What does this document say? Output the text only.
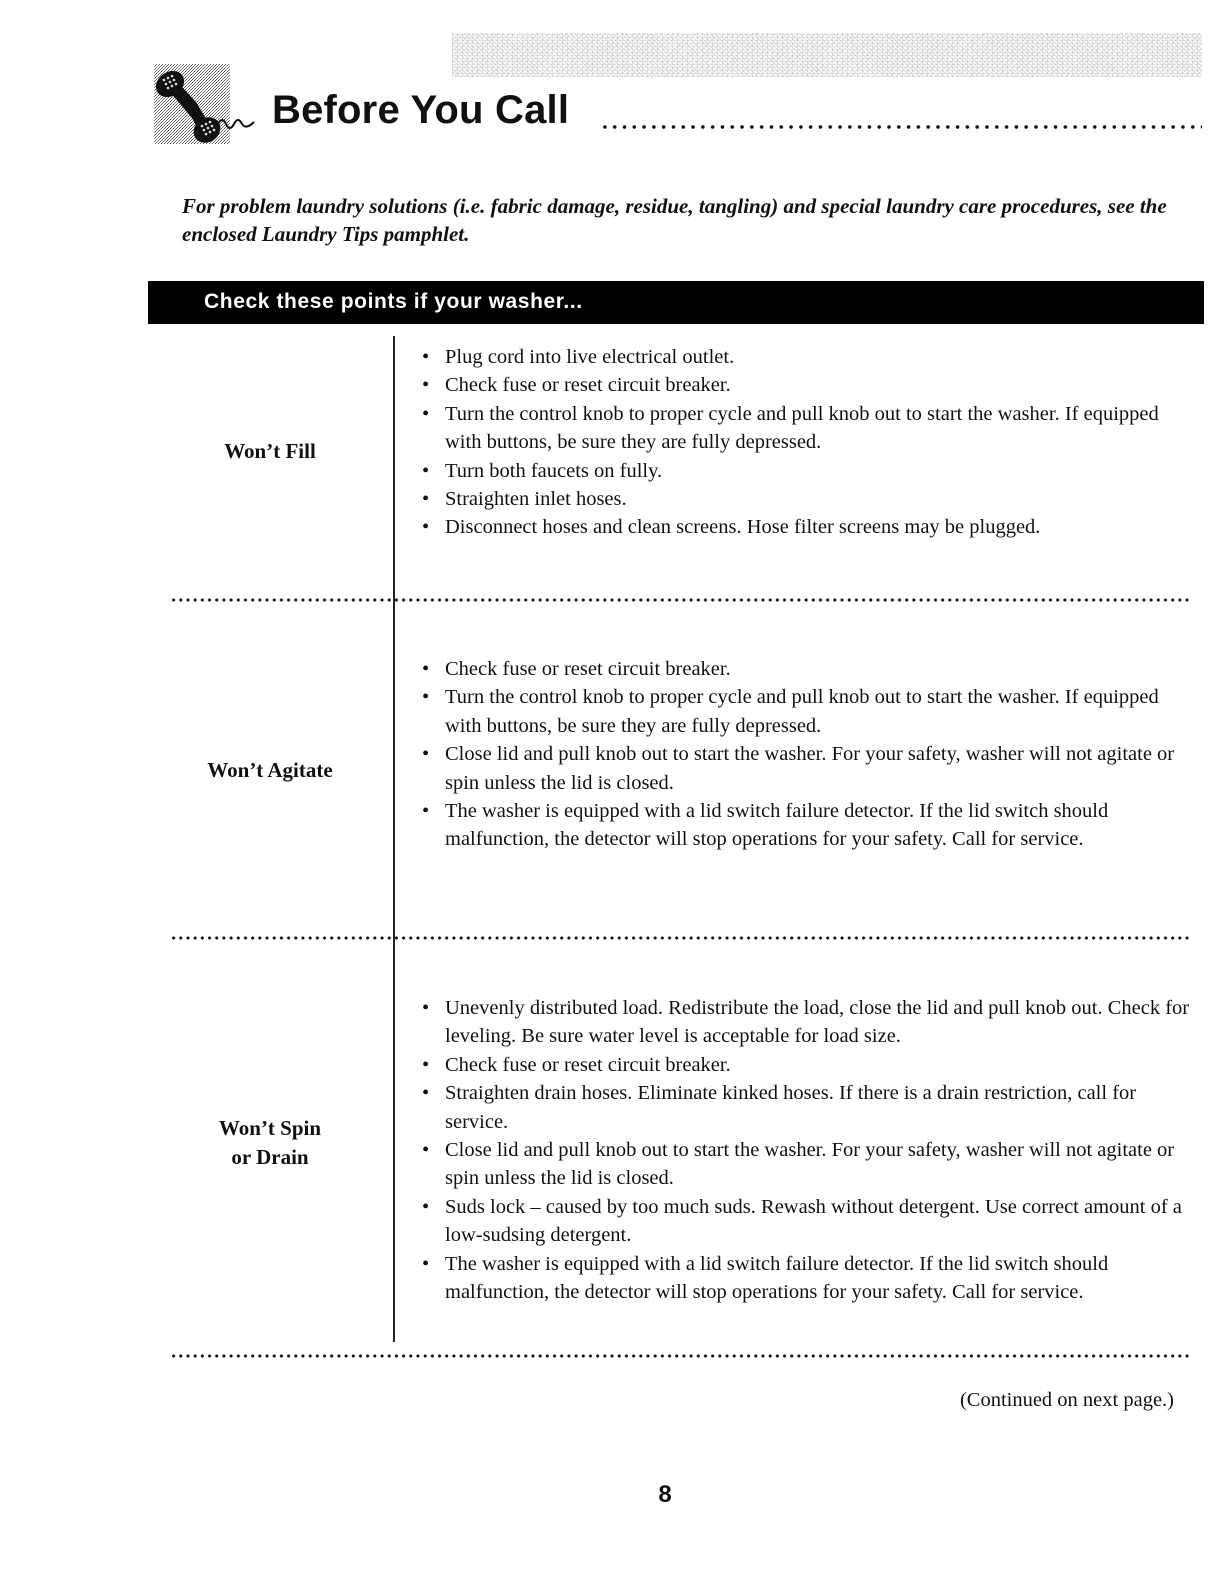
Before You Call

For problem laundry solutions (i.e. fabric damage, residue, tangling) and special laundry care procedures, see the enclosed Laundry Tips pamphlet.

Check these points if your washer...
Won’t Fill
• Plug cord into live electrical outlet.
• Check fuse or reset circuit breaker.
• Turn the control knob to proper cycle and pull knob out to start the washer. If equipped with buttons, be sure they are fully depressed.
• Turn both faucets on fully.
• Straighten inlet hoses.
• Disconnect hoses and clean screens. Hose filter screens may be plugged.
Won’t Agitate
• Check fuse or reset circuit breaker.
• Turn the control knob to proper cycle and pull knob out to start the washer. If equipped with buttons, be sure they are fully depressed.
• Close lid and pull knob out to start the washer. For your safety, washer will not agitate or spin unless the lid is closed.
• The washer is equipped with a lid switch failure detector. If the lid switch should malfunction, the detector will stop operations for your safety. Call for service.
Won’t Spin
or Drain
• Unevenly distributed load. Redistribute the load, close the lid and pull knob out. Check for leveling. Be sure water level is acceptable for load size.
• Check fuse or reset circuit breaker.
• Straighten drain hoses. Eliminate kinked hoses. If there is a drain restriction, call for service.
• Close lid and pull knob out to start the washer. For your safety, washer will not agitate or spin unless the lid is closed.
• Suds lock – caused by too much suds. Rewash without detergent. Use correct amount of a low-sudsing detergent.
• The washer is equipped with a lid switch failure detector. If the lid switch should malfunction, the detector will stop operations for your safety. Call for service.
(Continued on next page.)
8
